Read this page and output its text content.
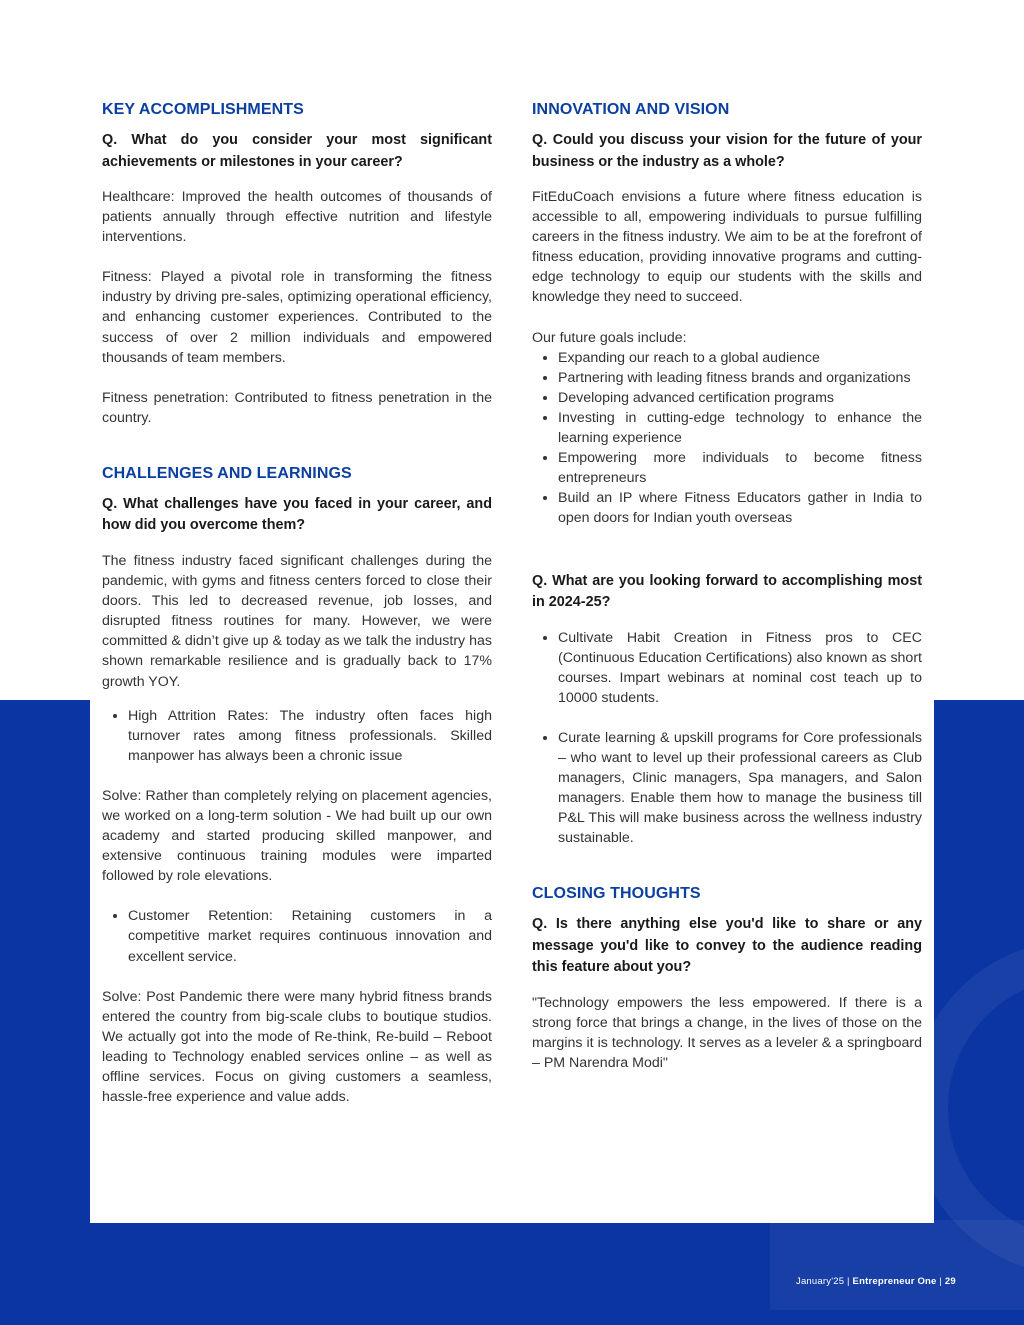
KEY ACCOMPLISHMENTS
Q. What do you consider your most significant achievements or milestones in your career?

Healthcare: Improved the health outcomes of thousands of patients annually through effective nutrition and lifestyle interventions.

Fitness: Played a pivotal role in transforming the fitness industry by driving pre-sales, optimizing operational efficiency, and enhancing customer experiences. Contributed to the success of over 2 million individuals and empowered thousands of team members.

Fitness penetration: Contributed to fitness penetration in the country.

CHALLENGES AND LEARNINGS
Q. What challenges have you faced in your career, and how did you overcome them?

The fitness industry faced significant challenges during the pandemic, with gyms and fitness centers forced to close their doors. This led to decreased revenue, job losses, and disrupted fitness routines for many. However, we were committed & didn’t give up & today as we talk the industry has shown remarkable resilience and is gradually back to 17% growth YOY.

• High Attrition Rates: The industry often faces high turnover rates among fitness professionals. Skilled manpower has always been a chronic issue

Solve: Rather than completely relying on placement agencies, we worked on a long-term solution - We had built up our own academy and started producing skilled manpower, and extensive continuous training modules were imparted followed by role elevations.

• Customer Retention: Retaining customers in a competitive market requires continuous innovation and excellent service.

Solve: Post Pandemic there were many hybrid fitness brands entered the country from big-scale clubs to boutique studios. We actually got into the mode of Re-think, Re-build – Reboot leading to Technology enabled services online – as well as offline services. Focus on giving customers a seamless, hassle-free experience and value adds.

INNOVATION AND VISION
Q. Could you discuss your vision for the future of your business or the industry as a whole?

FitEduCoach envisions a future where fitness education is accessible to all, empowering individuals to pursue fulfilling careers in the fitness industry. We aim to be at the forefront of fitness education, providing innovative programs and cutting-edge technology to equip our students with the skills and knowledge they need to succeed.

Our future goals include:

• Expanding our reach to a global audience
• Partnering with leading fitness brands and organizations
• Developing advanced certification programs
• Investing in cutting-edge technology to enhance the learning experience
• Empowering more individuals to become fitness entrepreneurs
• Build an IP where Fitness Educators gather in India to open doors for Indian youth overseas
Q. What are you looking forward to accomplishing most in 2024-25?
• Cultivate Habit Creation in Fitness pros to CEC (Continuous Education Certifications) also known as short courses. Impart webinars at nominal cost teach up to 10000 students.
• Curate learning & upskill programs for Core professionals – who want to level up their professional careers as Club managers, Clinic managers, Spa managers, and Salon managers. Enable them how to manage the business till P&L This will make business across the wellness industry sustainable.
CLOSING THOUGHTS
Q. Is there anything else you'd like to share or any message you'd like to convey to the audience reading this feature about you?

"Technology empowers the less empowered. If there is a strong force that brings a change, in the lives of those on the margins it is technology. It serves as a leveler & a springboard – PM Narendra Modi"

January'25 | Entrepreneur One | 29
